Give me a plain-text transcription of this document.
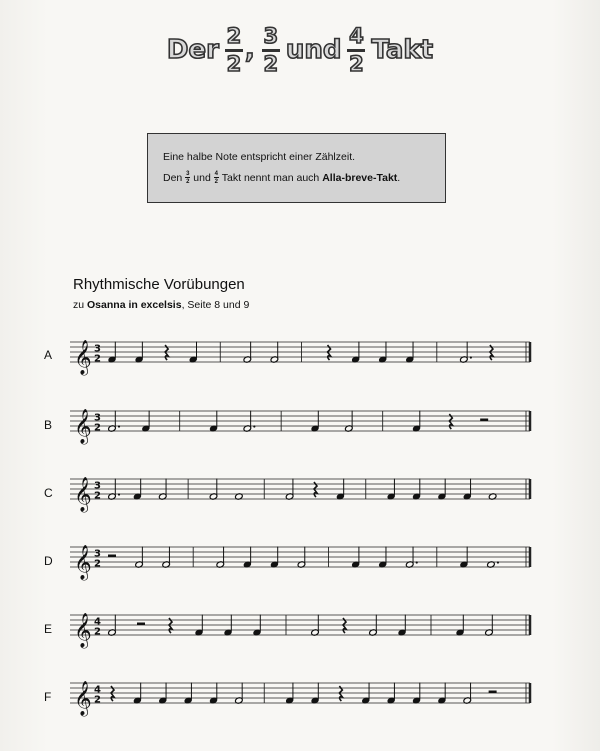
Der $\frac{2}{2}$ , $\frac{3}{2}$ und $\frac{4}{2}$ Takt
Eine halbe Note entspricht einer Zählzeit.
Den $\frac{3}{2}$ und $\frac{4}{2}$ Takt nennt man auch
Alla-breve-Takt .
Rhythmische Vorübungen
zu Osanna in excelsis, Seite 8 und 9
A
B
C
D
E
F
𝄞 3
2
𝄞 3
2
𝄞 3
2
𝄞 3
2
𝄞 4
2
𝄞 4
2
